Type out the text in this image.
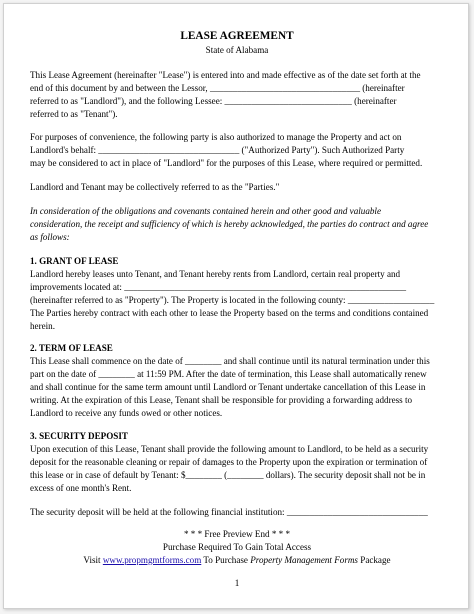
LEASE AGREEMENT
State of Alabama
This Lease Agreement (hereinafter "Lease") is entered into and made effective as of the date set forth at the
end of this document by and between the Lessor, _________________________________ (hereinafter
referred to as "Landlord"), and the following Lessee: ____________________________ (hereinafter
referred to as "Tenant").
For purposes of convenience, the following party is also authorized to manage the Property and act on
Landlord's behalf: _______________________________ ("Authorized Party"). Such Authorized Party
may be considered to act in place of "Landlord" for the purposes of this Lease, where required or permitted.
Landlord and Tenant may be collectively referred to as the "Parties."
In consideration of the obligations and covenants contained herein and other good and valuable
consideration, the receipt and sufficiency of which is hereby acknowledged, the parties do contract and agree
as follows:
1. GRANT OF LEASE
Landlord hereby leases unto Tenant, and Tenant hereby rents from Landlord, certain real property and
improvements located at: ______________________________________________________________
(hereinafter referred to as "Property"). The Property is located in the following county: ___________________
The Parties hereby contract with each other to lease the Property based on the terms and conditions contained
herein.
2. TERM OF LEASE
This Lease shall commence on the date of ________ and shall continue until its natural termination under this
part on the date of ________ at 11:59 PM. After the date of termination, this Lease shall automatically renew
and shall continue for the same term amount until Landlord or Tenant undertake cancellation of this Lease in
writing. At the expiration of this Lease, Tenant shall be responsible for providing a forwarding address to
Landlord to receive any funds owed or other notices.
3. SECURITY DEPOSIT
Upon execution of this Lease, Tenant shall provide the following amount to Landlord, to be held as a security
deposit for the reasonable cleaning or repair of damages to the Property upon the expiration or termination of
this lease or in case of default by Tenant: $________ (________ dollars). The security deposit shall not be in
excess of one month's Rent.
The security deposit will be held at the following financial institution: _______________________________
* * * Free Preview End * * *
Purchase Required To Gain Total Access
Visit www.propmgmtforms.com To Purchase Property Management Forms Package
1
